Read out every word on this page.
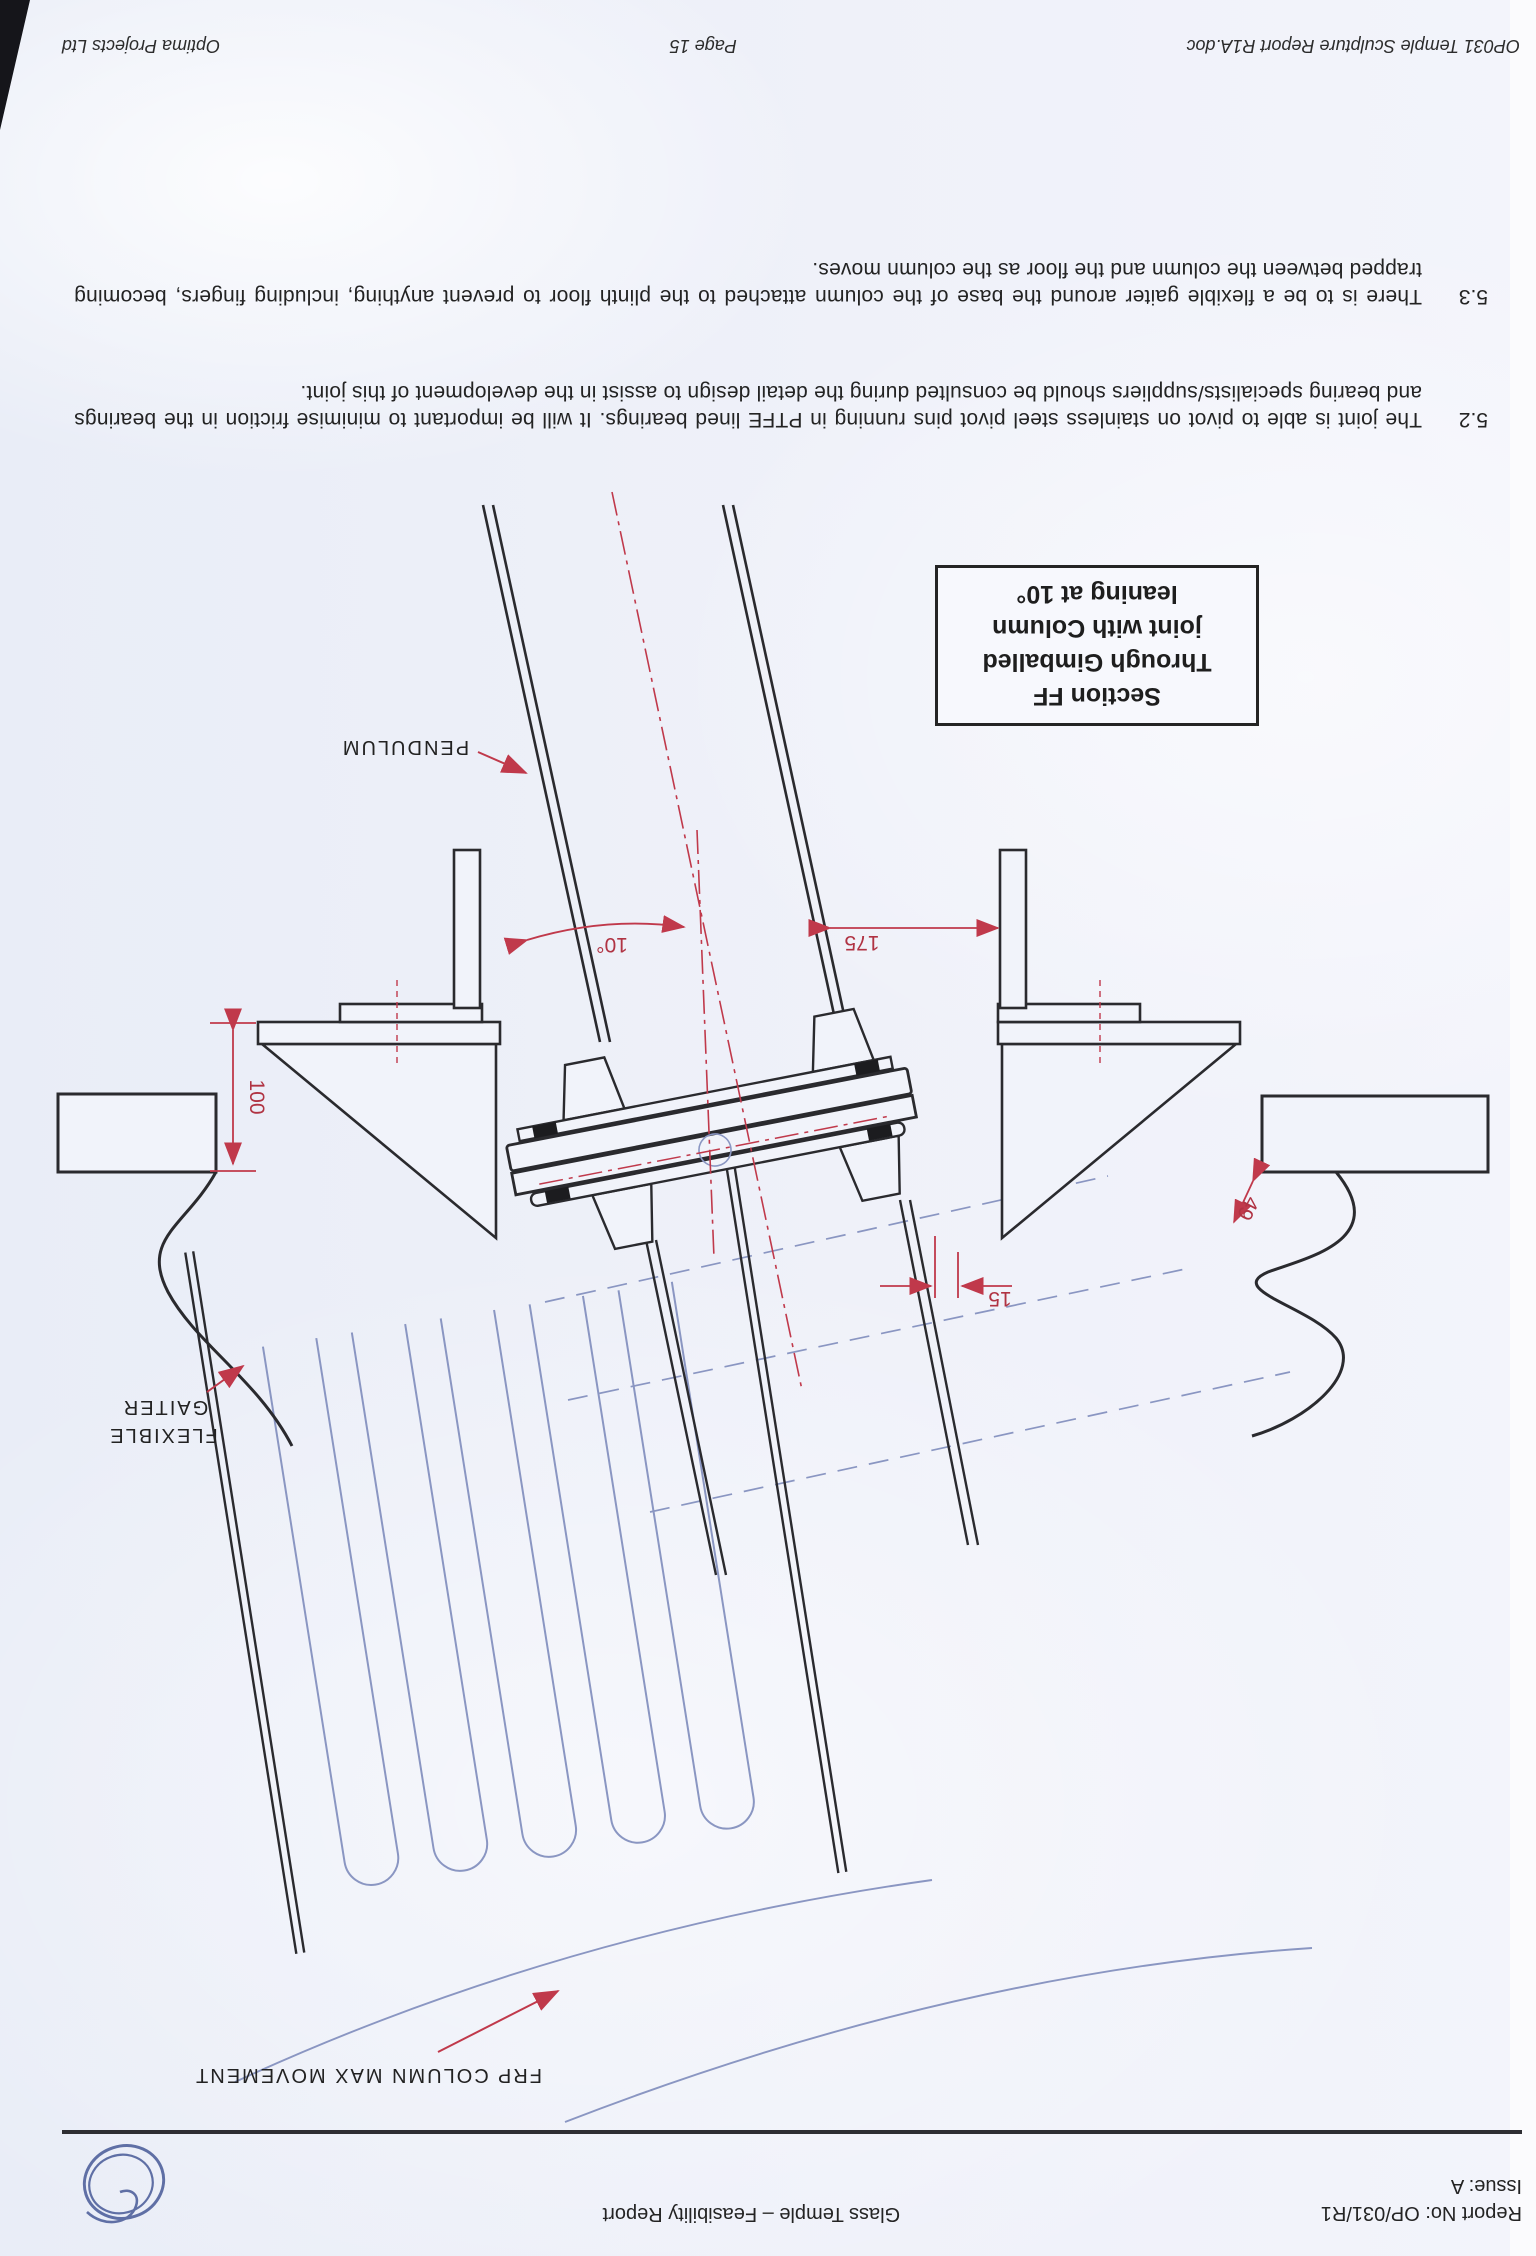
OP031 Temple Sculpture Report R1A.doc
Page 15
Optima Projects Ltd
5.3
There is to be a flexible gaiter around the base of the column attached to the plinth floor to prevent anything, including fingers, becoming trapped between the column and the floor as the column moves.
5.2
The joint is able to pivot on stainless steel pivot pins running in PTFE lined bearings. It will be important to minimise friction in the bearings and bearing specialists/suppliers should be consulted during the detail design to assist in the development of this joint.
100
175
10°
15
49
PENDULUM
GAITER
FLEXIBLE
FRP COLUMN MAX MOVEMENT
Section FF
Through Gimballed
joint with Column
leaning at 10°
Report No: OP/031/R1
Issue: A
Glass Temple – Feasibility Report
